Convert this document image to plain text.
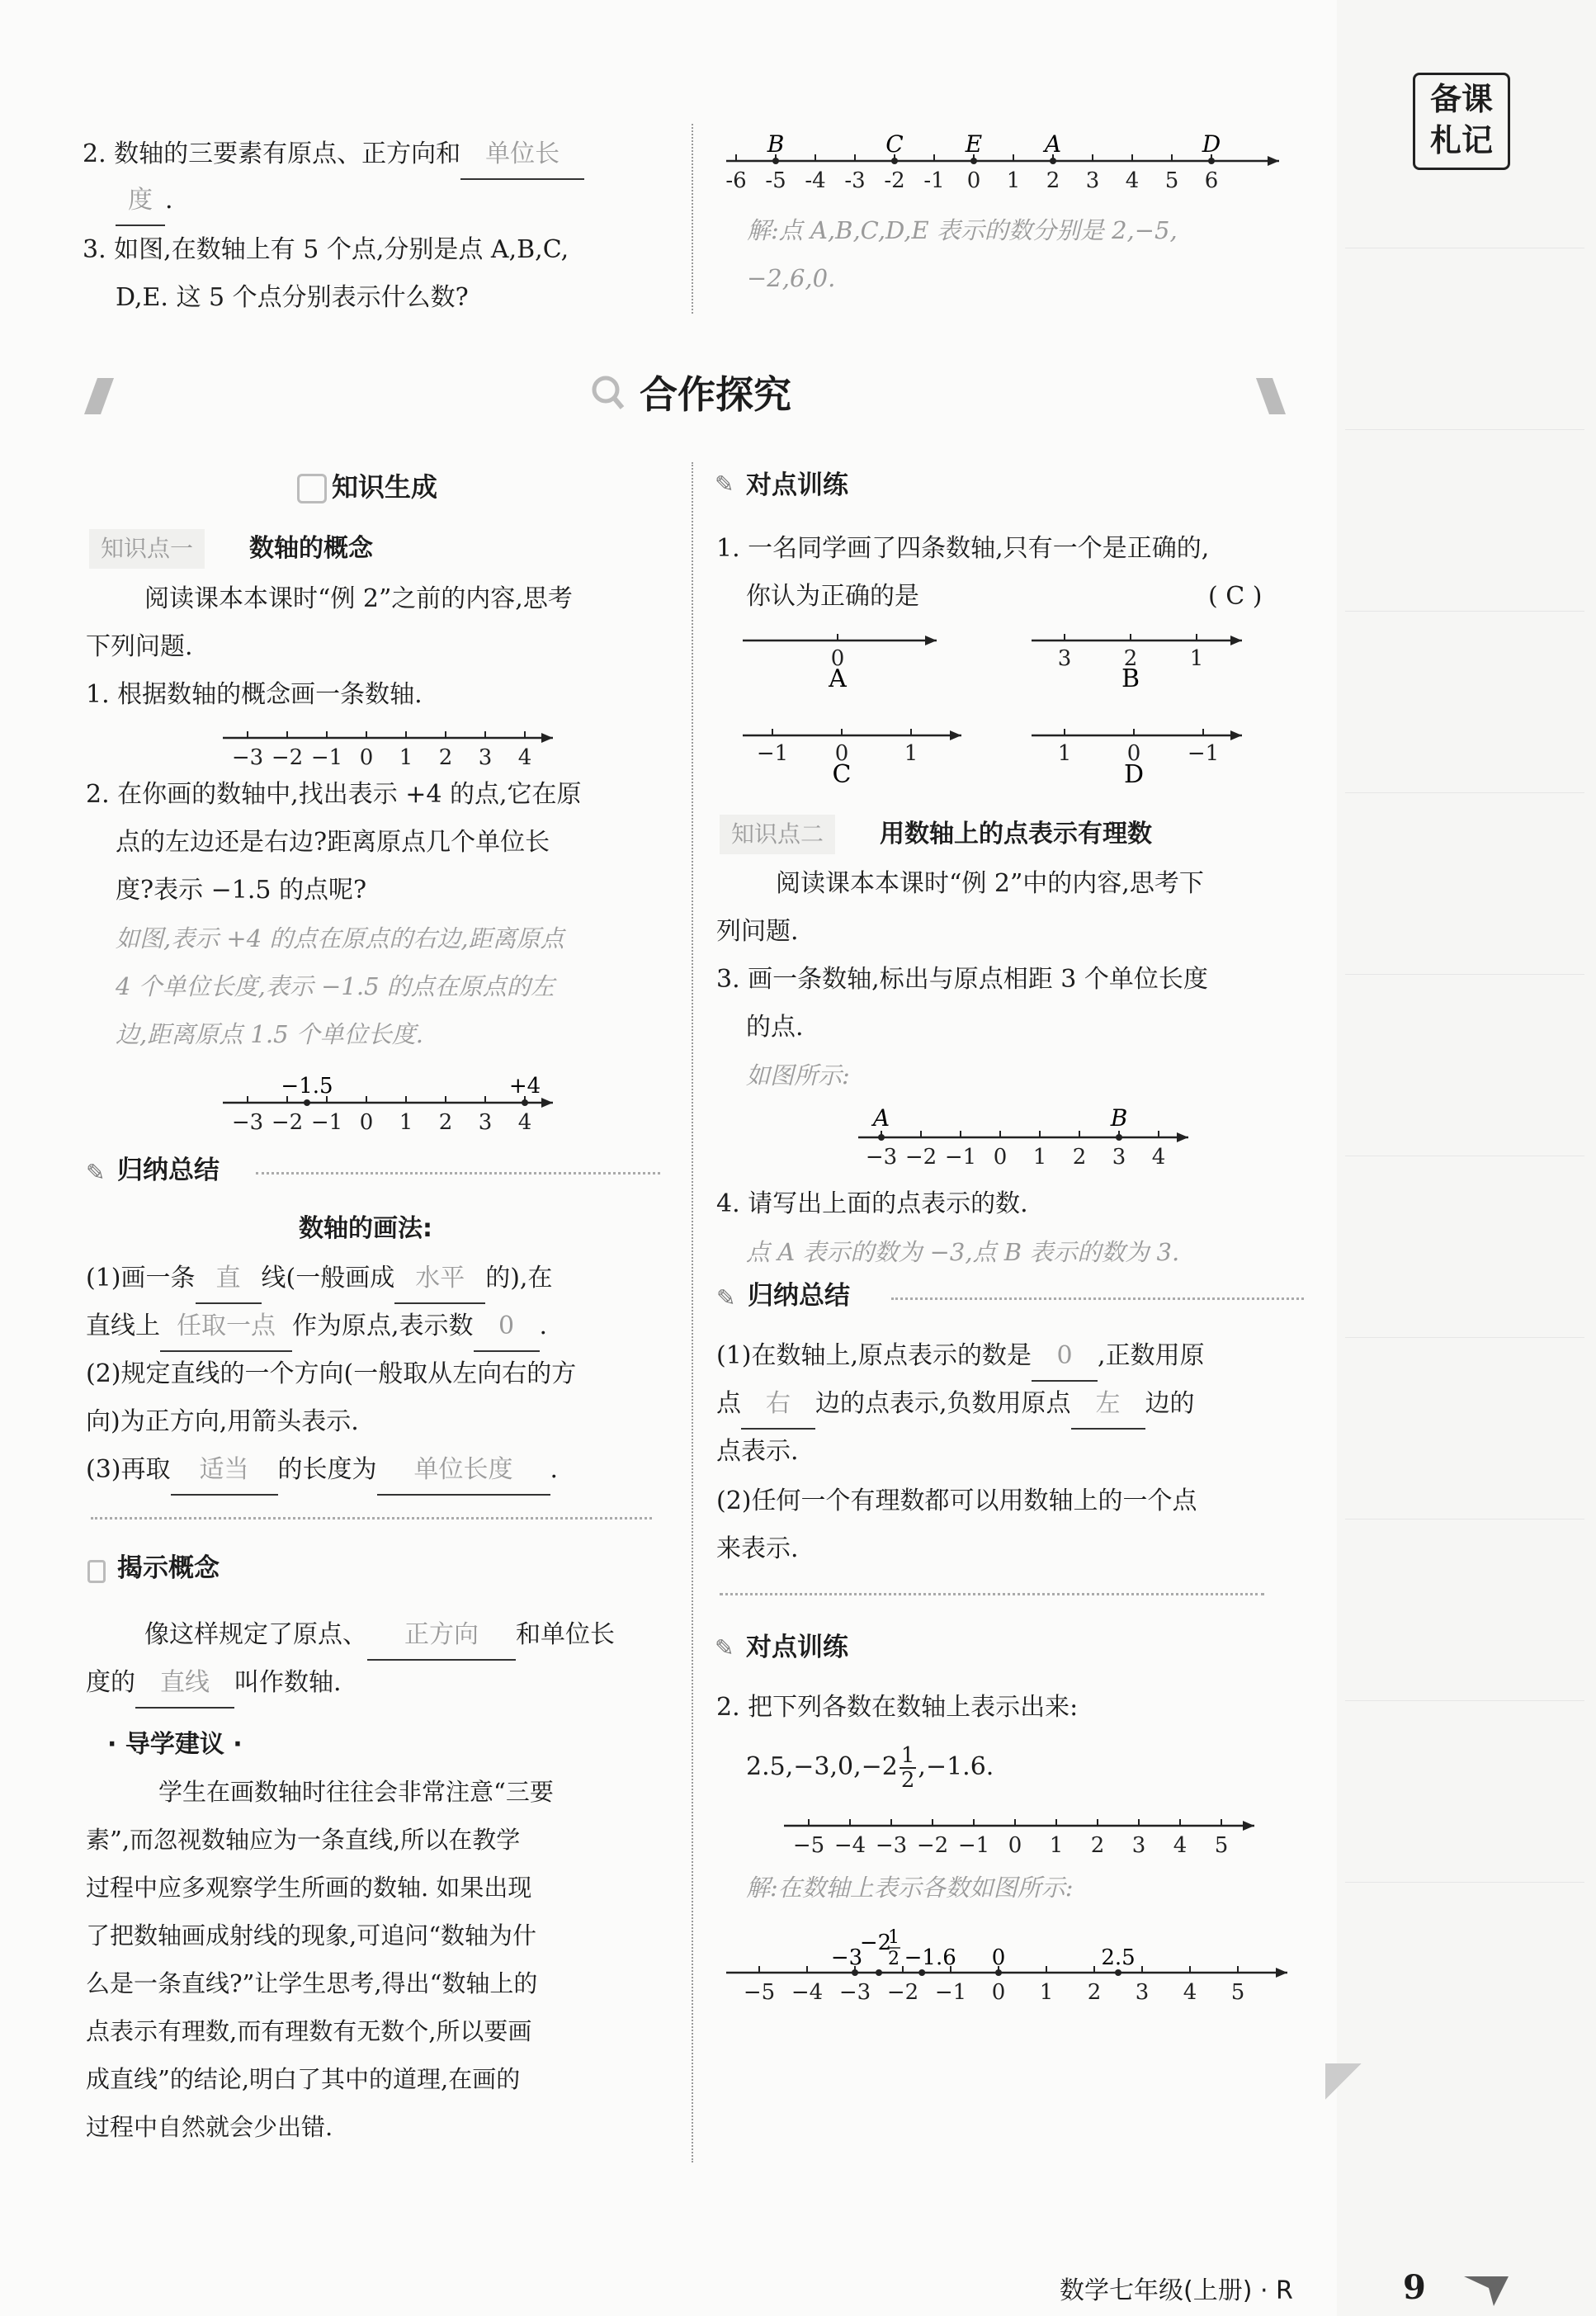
备课
札记
2. 数轴的三要素有原点、正方向和 单位长
度 .
3. 如图,在数轴上有 5 个点,分别是点 A,B,C,
D,E. 这 5 个点分别表示什么数?
-6 -5 -4 -3 -2 -1 0 1 2 3 4 5 6
B	C	E	A	D
解:点 A,B,C,D,E 表示的数分别是 2,−5,
−2,6,0.
合作探究
知识生成
知识点一	数轴的概念
阅读课本本课时“例 2”之前的内容,思考
下列问题.
1. 根据数轴的概念画一条数轴.
−3 −2 −1 0 1 2 3 4
2. 在你画的数轴中,找出表示 +4 的点,它在原
点的左边还是右边?距离原点几个单位长
度?表示 −1.5 的点呢?
如图,表示 +4 的点在原点的右边,距离原点
4 个单位长度,表示 −1.5 的点在原点的左
边,距离原点 1.5 个单位长度.
−3 −2 −1 0 1 2 3 4
−1.5	+4
✎ 归纳总结
数轴的画法:
(1)画一条 直 线(一般画成 水平 的),在
直线上 任取一点 作为原点,表示数 0 .
(2)规定直线的一个方向(一般取从左向右的方
向)为正方向,用箭头表示.
(3)再取 适当 的长度为 单位长度 .
揭示概念
像这样规定了原点、 正方向 和单位长
度的 直线 叫作数轴.
· 导学建议 ·
学生在画数轴时往往会非常注意“三要
素”,而忽视数轴应为一条直线,所以在教学
过程中应多观察学生所画的数轴. 如果出现
了把数轴画成射线的现象,可追问“数轴为什
么是一条直线?”让学生思考,得出“数轴上的
点表示有理数,而有理数有无数个,所以要画
成直线”的结论,明白了其中的道理,在画的
过程中自然就会少出错.
✎ 对点训练
1. 一名同学画了四条数轴,只有一个是正确的,
你认为正确的是	( C )
0
A
3 2 1
B
−1 0	1
C
1	0 −1
D
知识点二	用数轴上的点表示有理数
阅读课本本课时“例 2”中的内容,思考下
列问题.
3. 画一条数轴,标出与原点相距 3 个单位长度
的点.
如图所示:
−3 −2 −1 0 1 2 3 4
A	B
4. 请写出上面的点表示的数.
点 A 表示的数为 −3,点 B 表示的数为 3.
✎ 归纳总结
(1)在数轴上,原点表示的数是 0 ,正数用原
点 右 边的点表示,负数用原点 左 边的
点表示.
(2)任何一个有理数都可以用数轴上的一个点
来表示.
✎ 对点训练
2. 把下列各数在数轴上表示出来:
$2.5,-3,0,-2 \frac{1}{2} ,-1.6$.
−5 −4 −3 −2 −1 0 1 2 3 4 5
解:在数轴上表示各数如图所示:
−5 −4 −3 −2 −1 0 1 2 3 4 5
−3
−2
1
2 −1.6 0	2.5
数学七年级(上册) · R	9
